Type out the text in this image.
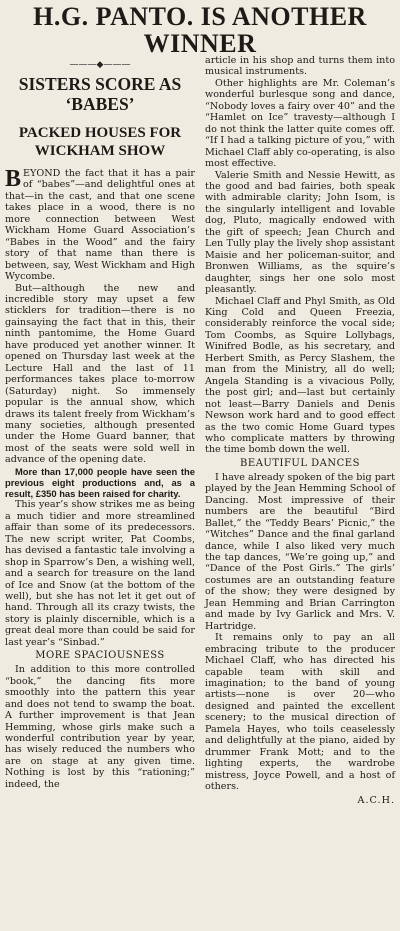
H.G. PANTO. IS ANOTHER
WINNER
———◆———
SISTERS SCORE AS ‘BABES’
PACKED HOUSES FOR WICKHAM SHOW

BEYOND the fact that it has a pair of “babes”—and delightful ones at that—in the cast, and that one scene takes place in a wood, there is no more connection between West Wickham Home Guard Association’s “Babes in the Wood” and the fairy story of that name than there is between, say, West Wickham and High Wycombe.

But—although the new and incredible story may upset a few sticklers for tradition—there is no gainsaying the fact that in this, their ninth pantomime, the Home Guard have produced yet another winner. It opened on Thursday last week at the Lecture Hall and the last of 11 performances takes place to-morrow (Saturday) night. So immensely popular is the annual show, which draws its talent freely from Wickham’s many societies, although presented under the Home Guard banner, that most of the seats were sold well in advance of the opening date.

More than 17,000 people have seen the previous eight productions and, as a result, £350 has been raised for charity.

This year’s show strikes me as being a much tidier and more streamlined affair than some of its predecessors. The new script writer, Pat Coombs, has devised a fantastic tale involving a shop in Sparrow’s Den, a wishing well, and a search for treasure on the land of Ice and Snow (at the bottom of the well), but she has not let it get out of hand. Through all its crazy twists, the story is plainly discernible, which is a great deal more than could be said for last year’s “Sinbad.”

MORE SPACIOUSNESS

In addition to this more controlled “book,” the dancing fits more smoothly into the pattern this year and does not tend to swamp the boat. A further improvement is that Jean Hemming, whose girls make such a wonderful contribution year by year, has wisely reduced the numbers who are on stage at any given time. Nothing is lost by this “rationing;” indeed, the

article in his shop and turns them into musical instruments.

Other highlights are Mr. Coleman’s wonderful burlesque song and dance, “Nobody loves a fairy over 40” and the “Hamlet on Ice” travesty—although I do not think the latter quite comes off. “If I had a talking picture of you,” with Michael Claff ably co-operating, is also most effective.

Valerie Smith and Nessie Hewitt, as the good and bad fairies, both speak with admirable clarity; John Isom, is the singularly intelligent and lovable dog, Pluto, magically endowed with the gift of speech; Jean Church and Len Tully play the lively shop assistant Maisie and her policeman-suitor, and Bronwen Williams, as the squire’s daughter, sings her one solo most pleasantly.

Michael Claff and Phyl Smith, as Old King Cold and Queen Freezia, considerably reinforce the vocal side; Tom Coombs, as Squire Lollybags, Winifred Bodle, as his secretary, and Herbert Smith, as Percy Slashem, the man from the Ministry, all do well; Angela Standing is a vivacious Polly, the post girl; and—last but certainly not least—Barry Daniels and Denis Newson work hard and to good effect as the two comic Home Guard types who complicate matters by throwing the time bomb down the well.

BEAUTIFUL DANCES

I have already spoken of the big part played by the Jean Hemming School of Dancing. Most impressive of their numbers are the beautiful “Bird Ballet,” the “Teddy Bears’ Picnic,” the “Witches” Dance and the final garland dance, while I also liked very much the tap dances, “We’re going up,” and “Dance of the Post Girls.” The girls’ costumes are an outstanding feature of the show; they were designed by Jean Hemming and Brian Carrington and made by Ivy Garlick and Mrs. V. Hartridge.

It remains only to pay an all embracing tribute to the producer Michael Claff, who has directed his capable team with skill and imagination; to the band of young artists—none is over 20—who designed and painted the excellent scenery; to the musical direction of Pamela Hayes, who toils ceaselessly and delightfully at the piano, aided by drummer Frank Mott; and to the lighting experts, the wardrobe mistress, Joyce Powell, and a host of others.

A.C.H.
